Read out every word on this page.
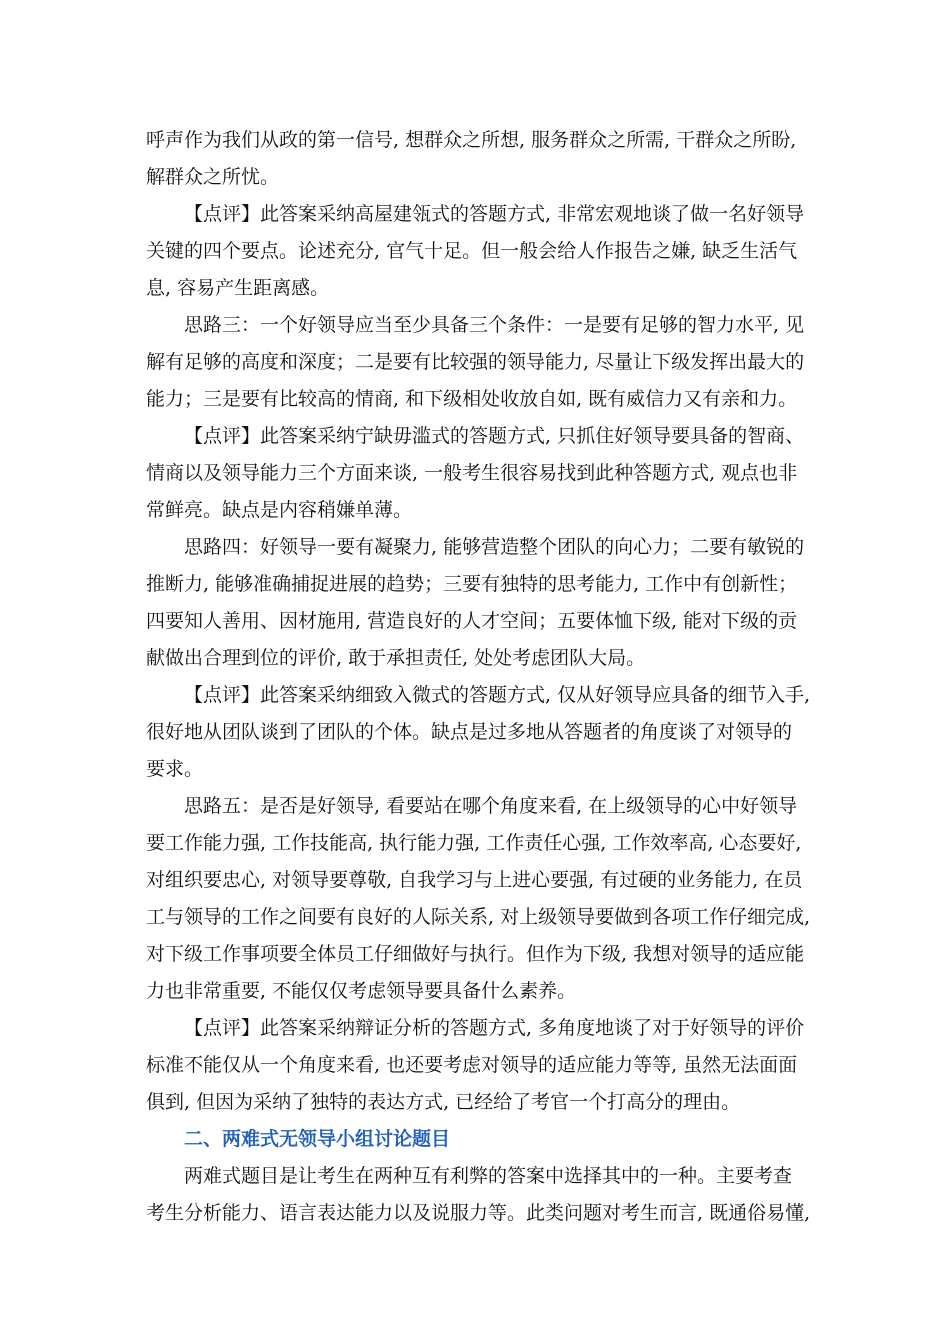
呼声作为我们从政的第一信号, 想群众之所想, 服务群众之所需, 干群众之所盼,
解群众之所忧。
【点评】此答案采纳高屋建瓴式的答题方式, 非常宏观地谈了做一名好领导
关键的四个要点。论述充分, 官气十足。但一般会给人作报告之嫌, 缺乏生活气
息, 容易产生距离感。
思路三：一个好领导应当至少具备三个条件：一是要有足够的智力水平, 见
解有足够的高度和深度；二是要有比较强的领导能力, 尽量让下级发挥出最大的
能力；三是要有比较高的情商, 和下级相处收放自如, 既有威信力又有亲和力。
【点评】此答案采纳宁缺毋滥式的答题方式, 只抓住好领导要具备的智商、
情商以及领导能力三个方面来谈, 一般考生很容易找到此种答题方式, 观点也非
常鲜亮。缺点是内容稍嫌单薄。
思路四：好领导一要有凝聚力, 能够营造整个团队的向心力；二要有敏锐的
推断力, 能够准确捕捉进展的趋势；三要有独特的思考能力, 工作中有创新性；
四要知人善用、因材施用, 营造良好的人才空间；五要体恤下级, 能对下级的贡
献做出合理到位的评价, 敢于承担责任, 处处考虑团队大局。
【点评】此答案采纳细致入微式的答题方式, 仅从好领导应具备的细节入手,
很好地从团队谈到了团队的个体。缺点是过多地从答题者的角度谈了对领导的
要求。
思路五：是否是好领导, 看要站在哪个角度来看, 在上级领导的心中好领导
要工作能力强, 工作技能高, 执行能力强, 工作责任心强, 工作效率高, 心态要好,
对组织要忠心, 对领导要尊敬, 自我学习与上进心要强, 有过硬的业务能力, 在员
工与领导的工作之间要有良好的人际关系, 对上级领导要做到各项工作仔细完成,
对下级工作事项要全体员工仔细做好与执行。但作为下级, 我想对领导的适应能
力也非常重要, 不能仅仅考虑领导要具备什么素养。
【点评】此答案采纳辩证分析的答题方式, 多角度地谈了对于好领导的评价
标准不能仅从一个角度来看, 也还要考虑对领导的适应能力等等, 虽然无法面面
俱到, 但因为采纳了独特的表达方式, 已经给了考官一个打高分的理由。
二、两难式无领导小组讨论题目
两难式题目是让考生在两种互有利弊的答案中选择其中的一种。主要考查
考生分析能力、语言表达能力以及说服力等。此类问题对考生而言, 既通俗易懂,
